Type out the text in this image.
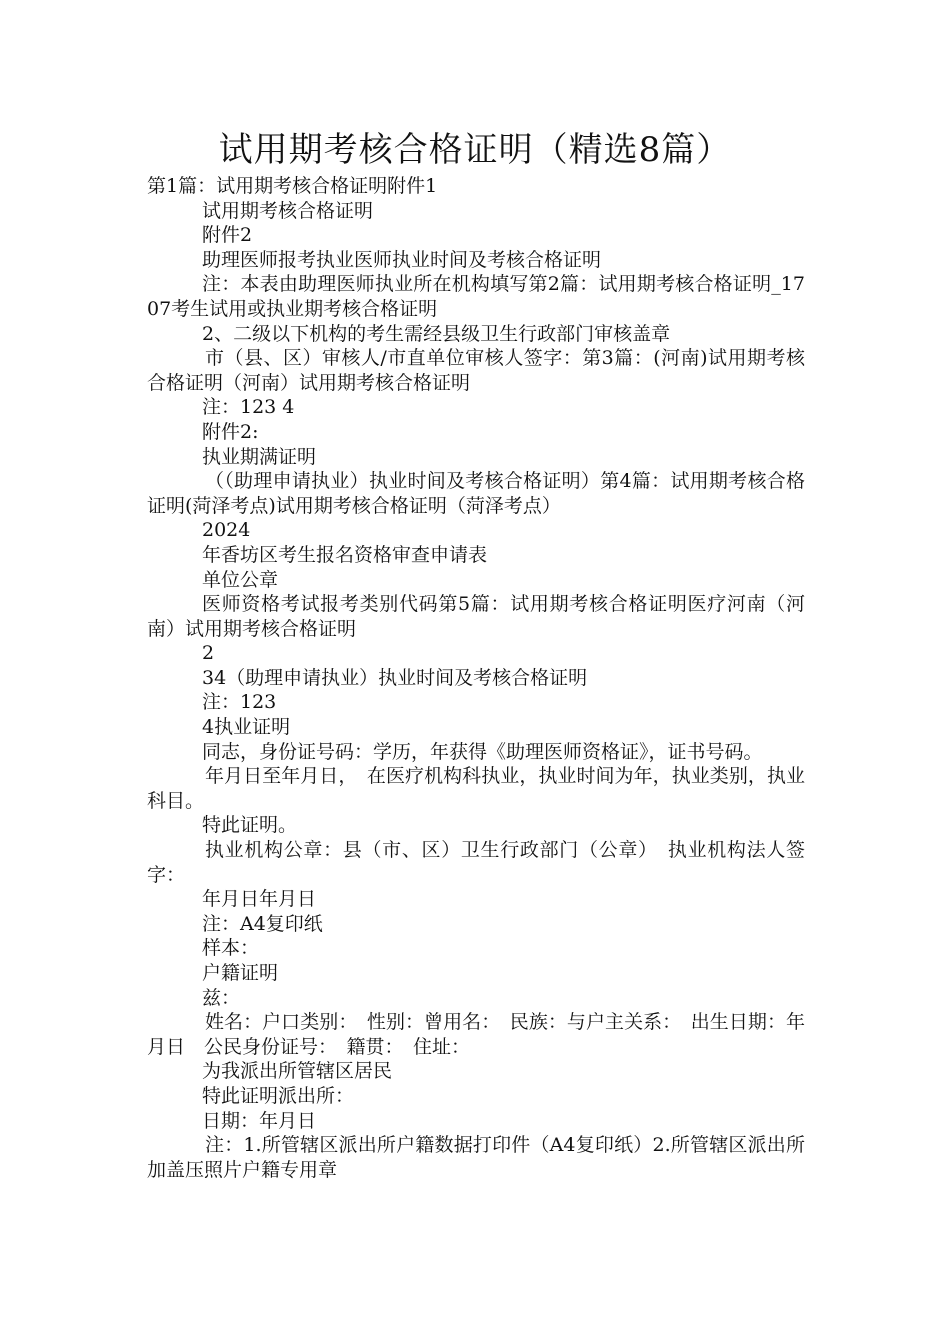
试用期考核合格证明（精选8篇）

第1篇：试用期考核合格证明附件1

试用期考核合格证明

附件2

助理医师报考执业医师执业时间及考核合格证明

注：本表由助理医师执业所在机构填写第2篇：试用期考核合格证明_1707考生试用或执业期考核合格证明

2、二级以下机构的考生需经县级卫生行政部门审核盖章

市（县、区）审核人/市直单位审核人签字：第3篇：(河南)试用期考核合格证明（河南）试用期考核合格证明

注：123 4

附件2:

执业期满证明

（（助理申请执业）执业时间及考核合格证明）第4篇：试用期考核合格证明(菏泽考点)试用期考核合格证明（菏泽考点）

2024

年香坊区考生报名资格审查申请表

单位公章

医师资格考试报考类别代码第5篇：试用期考核合格证明医疗河南（河南）试用期考核合格证明

2

34（助理申请执业）执业时间及考核合格证明

注：123

4执业证明

同志，身份证号码：学历，年获得《助理医师资格证》，证书号码。

年月日至年月日，　在医疗机构科执业，执业时间为年，执业类别，执业科目。

特此证明。

执业机构公章：县（市、区）卫生行政部门（公章）　执业机构法人签字：

年月日年月日

注：A4复印纸

样本：

户籍证明

兹：

姓名：户口类别：　性别：曾用名：　民族：与户主关系：　出生日期：年月日　公民身份证号：　籍贯：　住址：

为我派出所管辖区居民

特此证明派出所：

日期：年月日

注：1.所管辖区派出所户籍数据打印件（A4复印纸）2.所管辖区派出所加盖压照片户籍专用章
